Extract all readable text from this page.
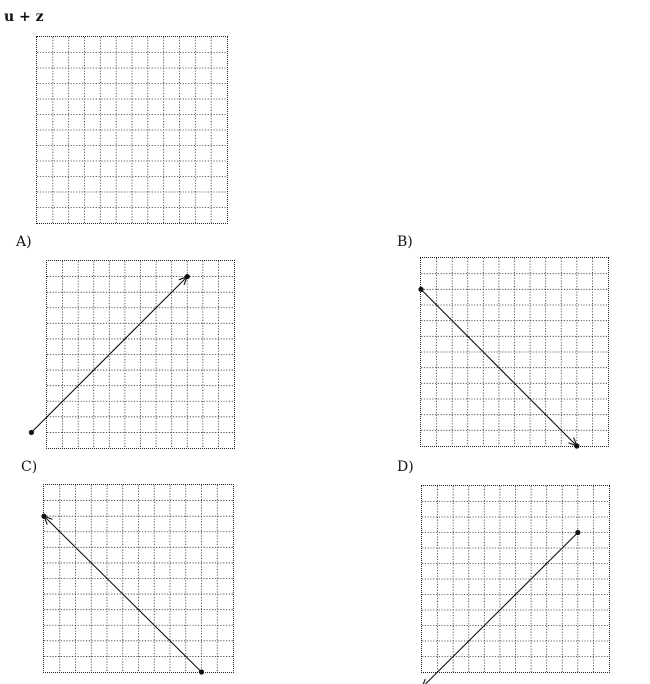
u + z
A)	B)
C)	D)
